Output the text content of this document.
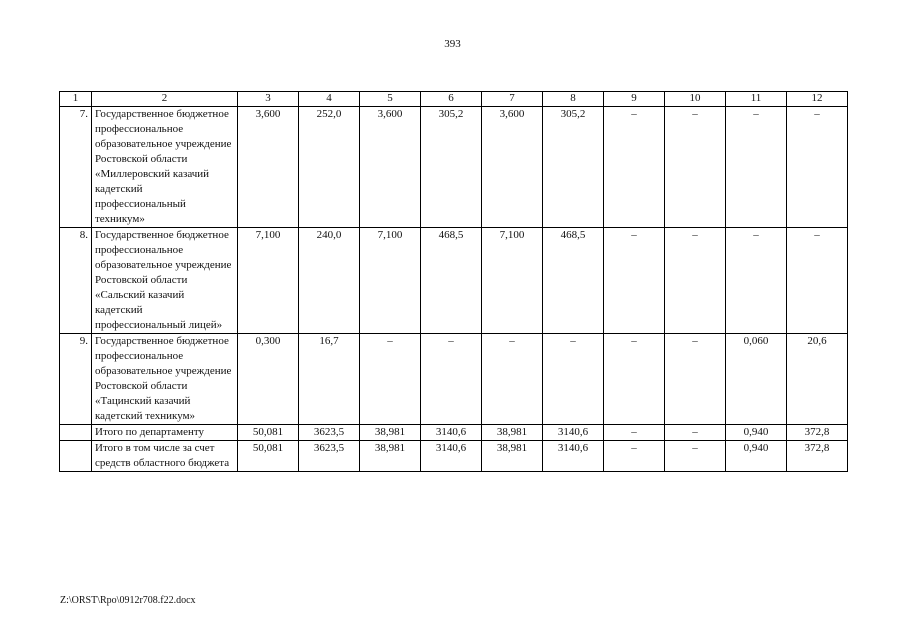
393
1	2	3	4	5	6	7	8	9	10	11	12
7.	Государственное бюджетное профессиональное образовательное учреждение Ростовской области «Миллеровский казачий кадетский профессиональный техникум»	3,600	252,0	3,600	305,2	3,600	305,2	–	–	–	–
8.	Государственное бюджетное профессиональное образовательное учреждение Ростовской области «Сальский казачий кадетский профессиональный лицей»	7,100	240,0	7,100	468,5	7,100	468,5	–	–	–	–
9.	Государственное бюджетное профессиональное образовательное учреждение Ростовской области «Тацинский казачий кадетский техникум»	0,300	16,7	–	–	–	–	–	–	0,060	20,6
	Итого по департаменту	50,081	3623,5	38,981	3140,6	38,981	3140,6	–	–	0,940	372,8
	Итого в том числе за счет средств областного бюджета	50,081	3623,5	38,981	3140,6	38,981	3140,6	–	–	0,940	372,8
Z:\ORST\Rpo\0912r708.f22.docx
